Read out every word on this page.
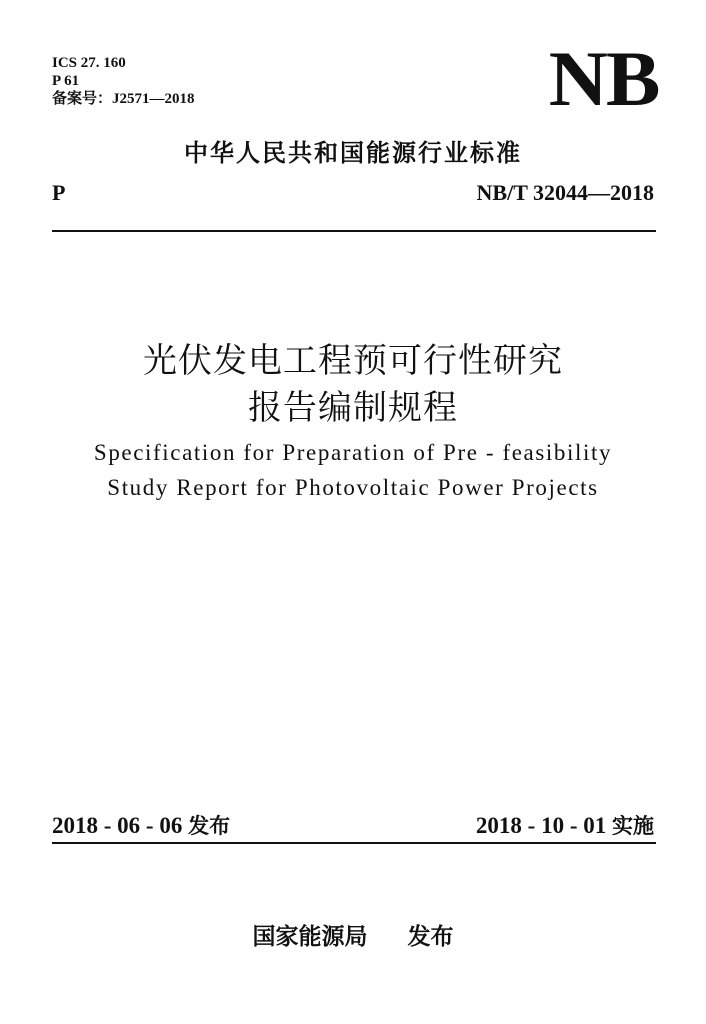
ICS 27. 160
P 61
备案号：J2571—2018	NB
中华人民共和国能源行业标准
P	NB/T 32044—2018
光伏发电工程预可行性研究
报告编制规程
Specification for Preparation of Pre - feasibility
Study Report for Photovoltaic Power Projects
2018 - 06 - 06 发布	2018 - 10 - 01 实施
国家能源局 发布
